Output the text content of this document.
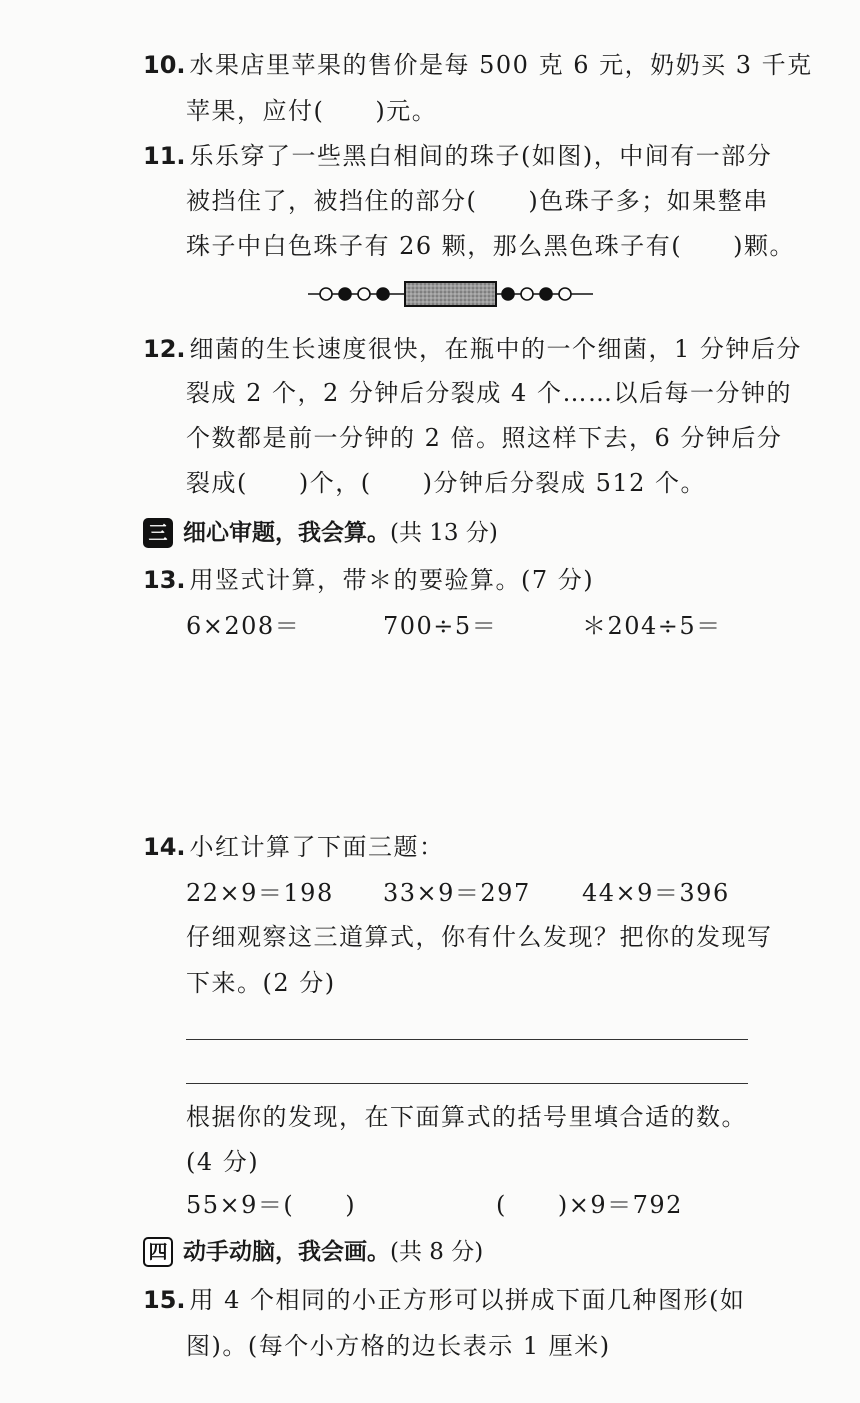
10. 水果店里苹果的售价是每 500 克 6 元，奶奶买 3 千克
苹果，应付(　　)元。
11. 乐乐穿了一些黑白相间的珠子(如图)，中间有一部分
被挡住了，被挡住的部分(　　)色珠子多；如果整串
珠子中白色珠子有 26 颗，那么黑色珠子有(　　)颗。
12. 细菌的生长速度很快，在瓶中的一个细菌，1 分钟后分
裂成 2 个，2 分钟后分裂成 4 个……以后每一分钟的
个数都是前一分钟的 2 倍。照这样下去，6 分钟后分
裂成(　　)个，(　　)分钟后分裂成 512 个。
三 细心审题，我会算。(共 13 分)
13. 用竖式计算，带＊的要验算。(7 分)
6×208＝	700÷5＝	＊204÷5＝
14. 小红计算了下面三题：
22×9＝198 33×9＝297 44×9＝396
仔细观察这三道算式，你有什么发现？把你的发现写
下来。(2 分)
根据你的发现，在下面算式的括号里填合适的数。
(4 分)
55×9＝(　　)	(　　)×9＝792
四 动手动脑，我会画。(共 8 分)
15. 用 4 个相同的小正方形可以拼成下面几种图形(如
图)。(每个小方格的边长表示 1 厘米)
